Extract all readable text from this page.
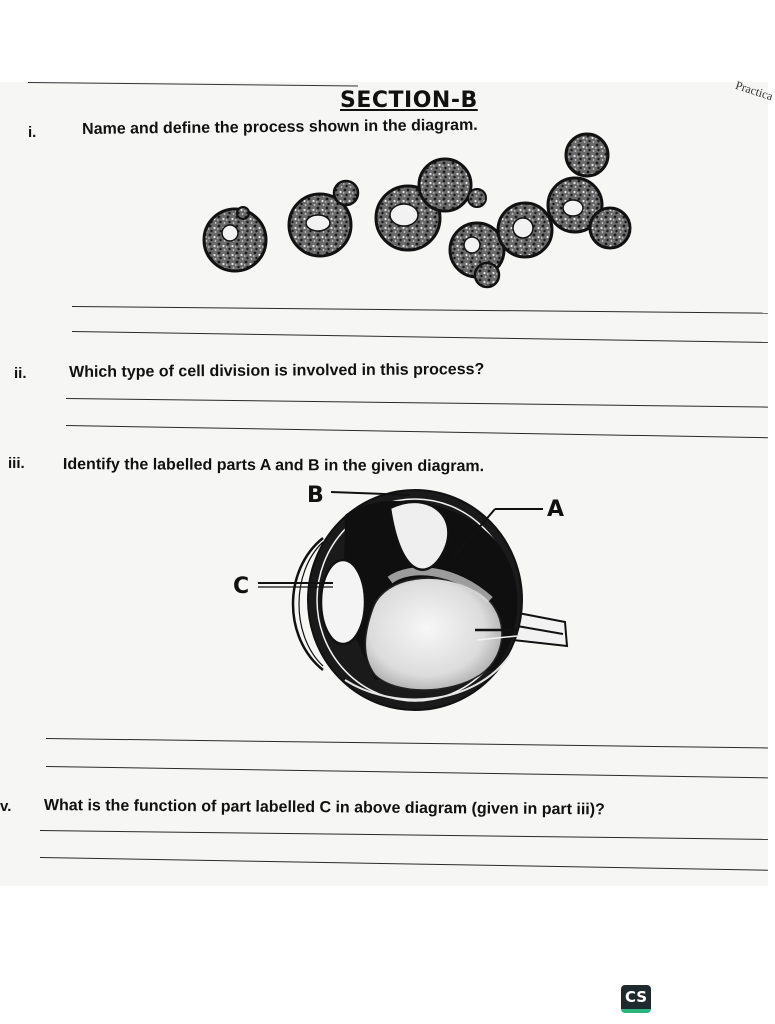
Practica
SECTION-B
i.	Name and define the process shown in the diagram.
ii.	Which type of cell division is involved in this process?
iii. Identify the labelled parts A and B in the given diagram.
B
A
C
v. What is the function of part labelled C in above diagram (given in part iii)?
CS
